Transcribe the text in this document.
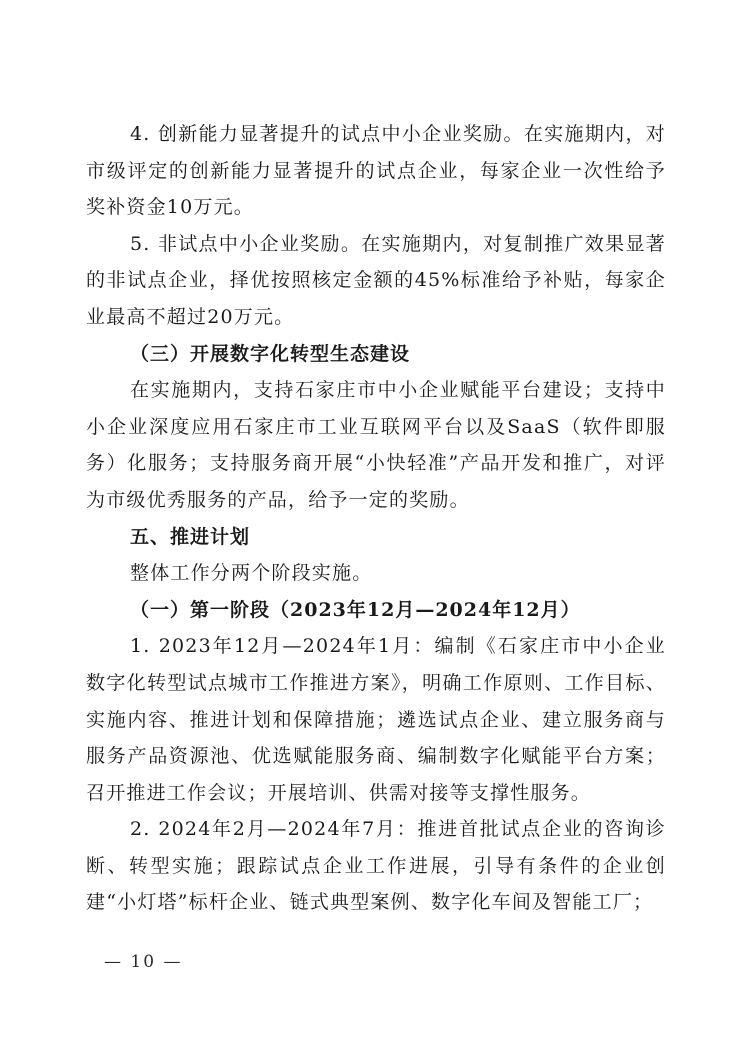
4. 创新能力显著提升的试点中小企业奖励。在实施期内，对市级评定的创新能力显著提升的试点企业，每家企业一次性给予奖补资金10万元。

5. 非试点中小企业奖励。在实施期内，对复制推广效果显著的非试点企业，择优按照核定金额的45%标准给予补贴，每家企业最高不超过20万元。

（三）开展数字化转型生态建设

在实施期内，支持石家庄市中小企业赋能平台建设；支持中小企业深度应用石家庄市工业互联网平台以及SaaS（软件即服务）化服务；支持服务商开展“小快轻准”产品开发和推广，对评为市级优秀服务的产品，给予一定的奖励。

五、推进计划

整体工作分两个阶段实施。

（一）第一阶段（2023年12月—2024年12月）

1. 2023年12月—2024年1月：编制《石家庄市中小企业数字化转型试点城市工作推进方案》，明确工作原则、工作目标、实施内容、推进计划和保障措施；遴选试点企业、建立服务商与服务产品资源池、优选赋能服务商、编制数字化赋能平台方案；召开推进工作会议；开展培训、供需对接等支撑性服务。

2. 2024年2月—2024年7月：推进首批试点企业的咨询诊断、转型实施；跟踪试点企业工作进展，引导有条件的企业创建“小灯塔”标杆企业、链式典型案例、数字化车间及智能工厂；

— 10 —
